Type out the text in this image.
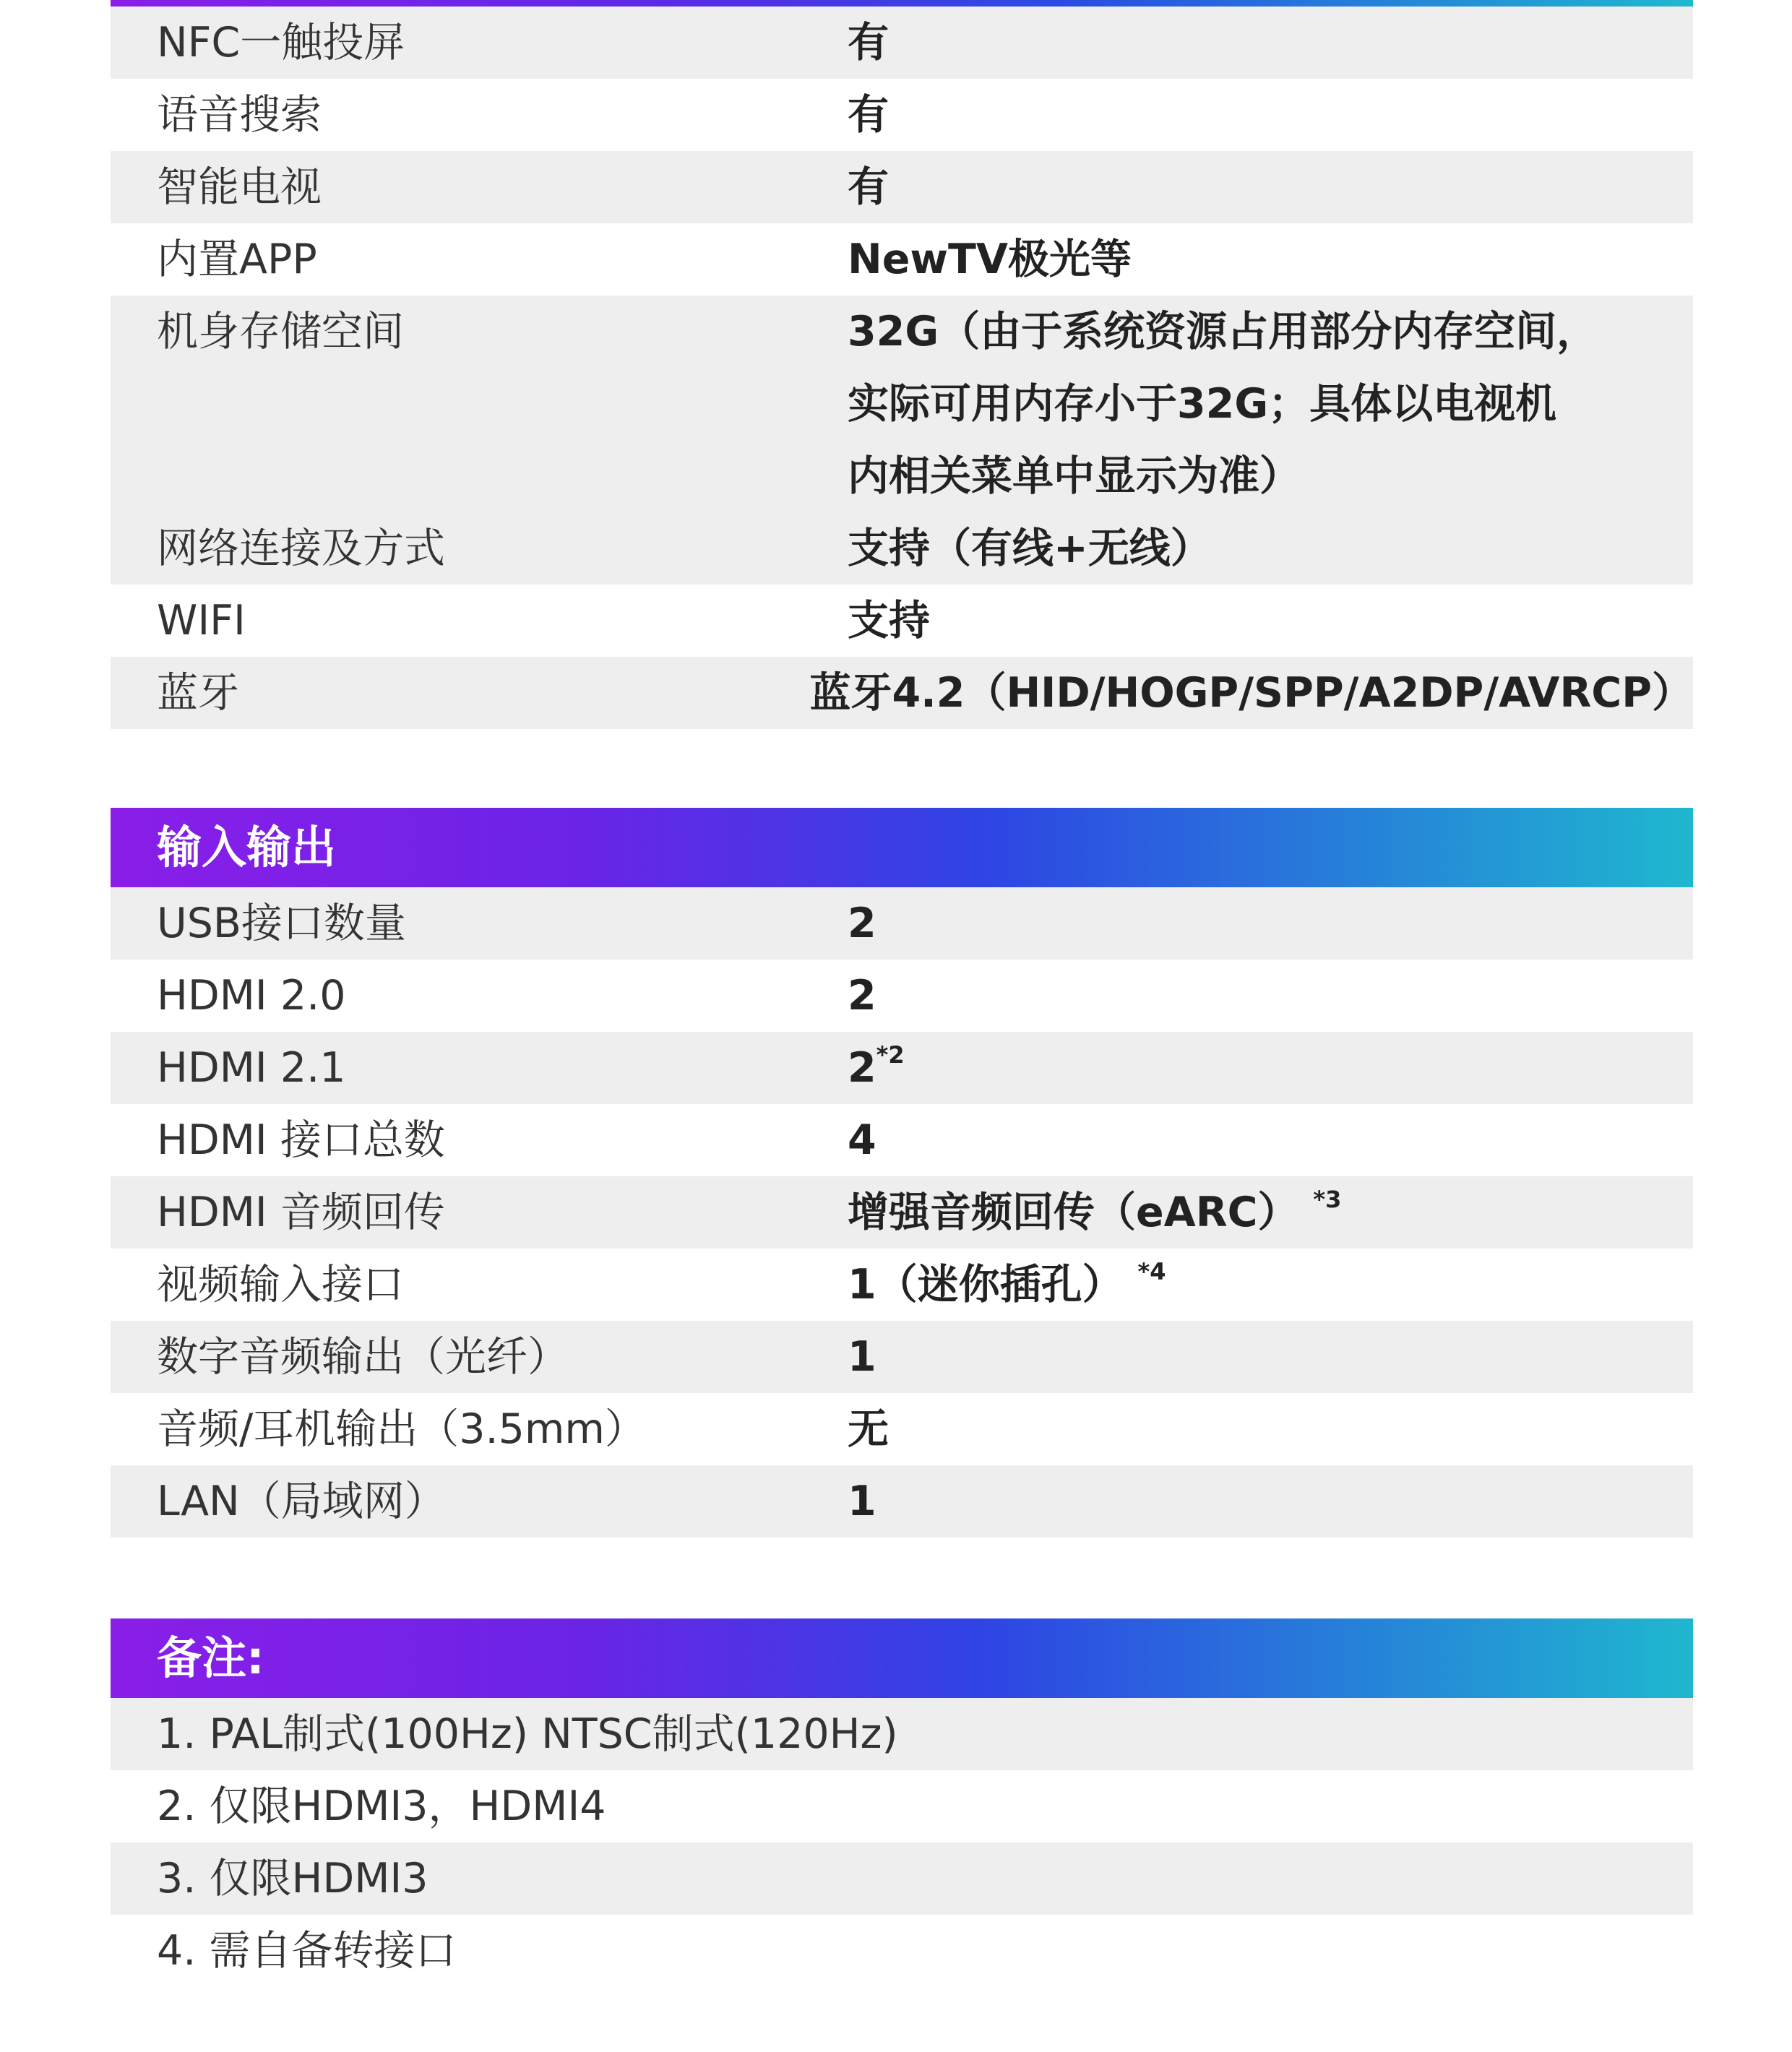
NFC一触投屏	有
语音搜索	有
智能电视	有
内置APP	NewTV极光等
机身存储空间	32G（由于系统资源占用部分内存空间，
实际可用内存小于32G；具体以电视机
内相关菜单中显示为准）
网络连接及方式	支持（有线+无线）
WIFI	支持
蓝牙	蓝牙4.2（HID/HOGP/SPP/A2DP/AVRCP）
输入输出
USB接口数量	2
HDMI 2.0	2
HDMI 2.1	2$^{*2}$
HDMI 接口总数	4
HDMI 音频回传	增强音频回传（eARC） $^{*3}$
视频输入接口	1（迷你插孔） $^{*4}$
数字音频输出（光纤）	1
音频/耳机输出（3.5mm）	无
LAN（局域网）	1
备注:
1. PAL制式(100Hz) NTSC制式(120Hz)
2. 仅限HDMI3，HDMI4
3. 仅限HDMI3
4. 需自备转接口
